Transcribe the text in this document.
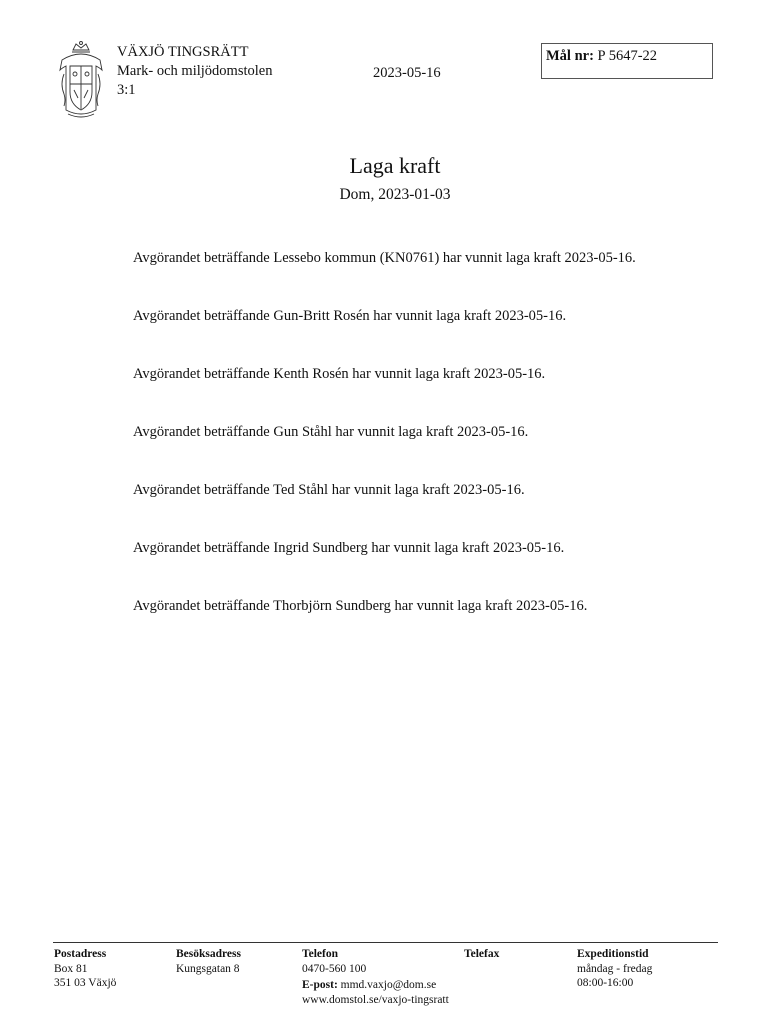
VÄXJÖ TINGSRÄTT
Mark- och miljödomstolen
3:1
2023-05-16
Mål nr: P 5647-22
Laga kraft
Dom, 2023-01-03

Avgörandet beträffande Lessebo kommun (KN0761) har vunnit laga kraft 2023-05-16.

Avgörandet beträffande Gun-Britt Rosén har vunnit laga kraft 2023-05-16.

Avgörandet beträffande Kenth Rosén har vunnit laga kraft 2023-05-16.

Avgörandet beträffande Gun Ståhl har vunnit laga kraft 2023-05-16.

Avgörandet beträffande Ted Ståhl har vunnit laga kraft 2023-05-16.

Avgörandet beträffande Ingrid Sundberg har vunnit laga kraft 2023-05-16.

Avgörandet beträffande Thorbjörn Sundberg har vunnit laga kraft 2023-05-16.

Postadress
Box 81
351 03 Växjö
Besöksadress
Kungsgatan 8
Telefon
0470-560 100
E-post: mmd.vaxjo@dom.se
www.domstol.se/vaxjo-tingsratt
Telefax	Expeditionstid
måndag - fredag
08:00-16:00
